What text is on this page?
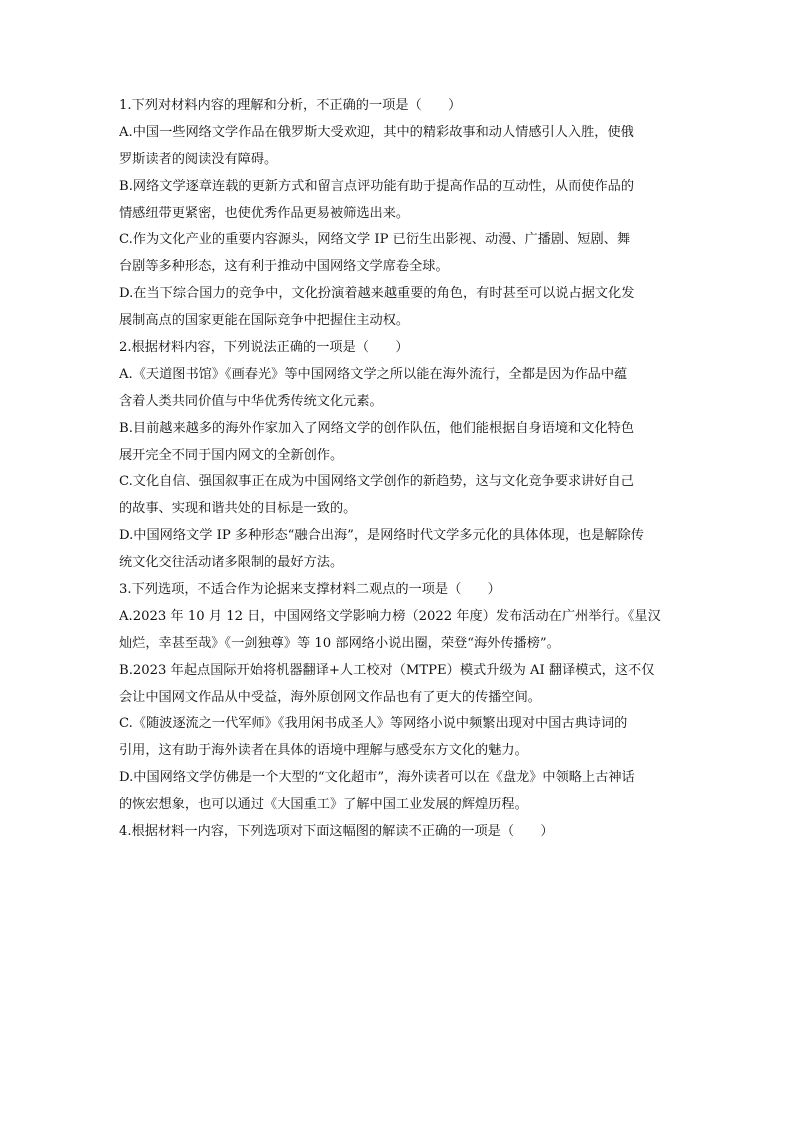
1.下列对材料内容的理解和分析，不正确的一项是（　　）
A.中国一些网络文学作品在俄罗斯大受欢迎，其中的精彩故事和动人情感引人入胜，使俄
罗斯读者的阅读没有障碍。
B.网络文学逐章连载的更新方式和留言点评功能有助于提高作品的互动性，从而使作品的
情感纽带更紧密，也使优秀作品更易被筛选出来。
C.作为文化产业的重要内容源头，网络文学 IP 已衍生出影视、动漫、广播剧、短剧、舞
台剧等多种形态，这有利于推动中国网络文学席卷全球。
D.在当下综合国力的竞争中，文化扮演着越来越重要的角色，有时甚至可以说占据文化发
展制高点的国家更能在国际竞争中把握住主动权。
2.根据材料内容，下列说法正确的一项是（　　）
A.《天道图书馆》《画春光》等中国网络文学之所以能在海外流行，全都是因为作品中蕴
含着人类共同价值与中华优秀传统文化元素。
B.目前越来越多的海外作家加入了网络文学的创作队伍，他们能根据自身语境和文化特色
展开完全不同于国内网文的全新创作。
C.文化自信、强国叙事正在成为中国网络文学创作的新趋势，这与文化竞争要求讲好自己
的故事、实现和谐共处的目标是一致的。
D.中国网络文学 IP 多种形态“融合出海”，是网络时代文学多元化的具体体现，也是解除传
统文化交往活动诸多限制的最好方法。
3.下列选项，不适合作为论据来支撑材料二观点的一项是（　　）
A.2023 年 10 月 12 日，中国网络文学影响力榜（2022 年度）发布活动在广州举行。《星汉
灿烂，幸甚至哉》《一剑独尊》等 10 部网络小说出圈，荣登“海外传播榜”。
B.2023 年起点国际开始将机器翻译+人工校对（MTPE）模式升级为 AI 翻译模式，这不仅
会让中国网文作品从中受益，海外原创网文作品也有了更大的传播空间。
C.《随波逐流之一代军师》《我用闲书成圣人》等网络小说中频繁出现对中国古典诗词的
引用，这有助于海外读者在具体的语境中理解与感受东方文化的魅力。
D.中国网络文学仿佛是一个大型的“文化超市”，海外读者可以在《盘龙》中领略上古神话
的恢宏想象，也可以通过《大国重工》了解中国工业发展的辉煌历程。
4.根据材料一内容，下列选项对下面这幅图的解读不正确的一项是（　　）
